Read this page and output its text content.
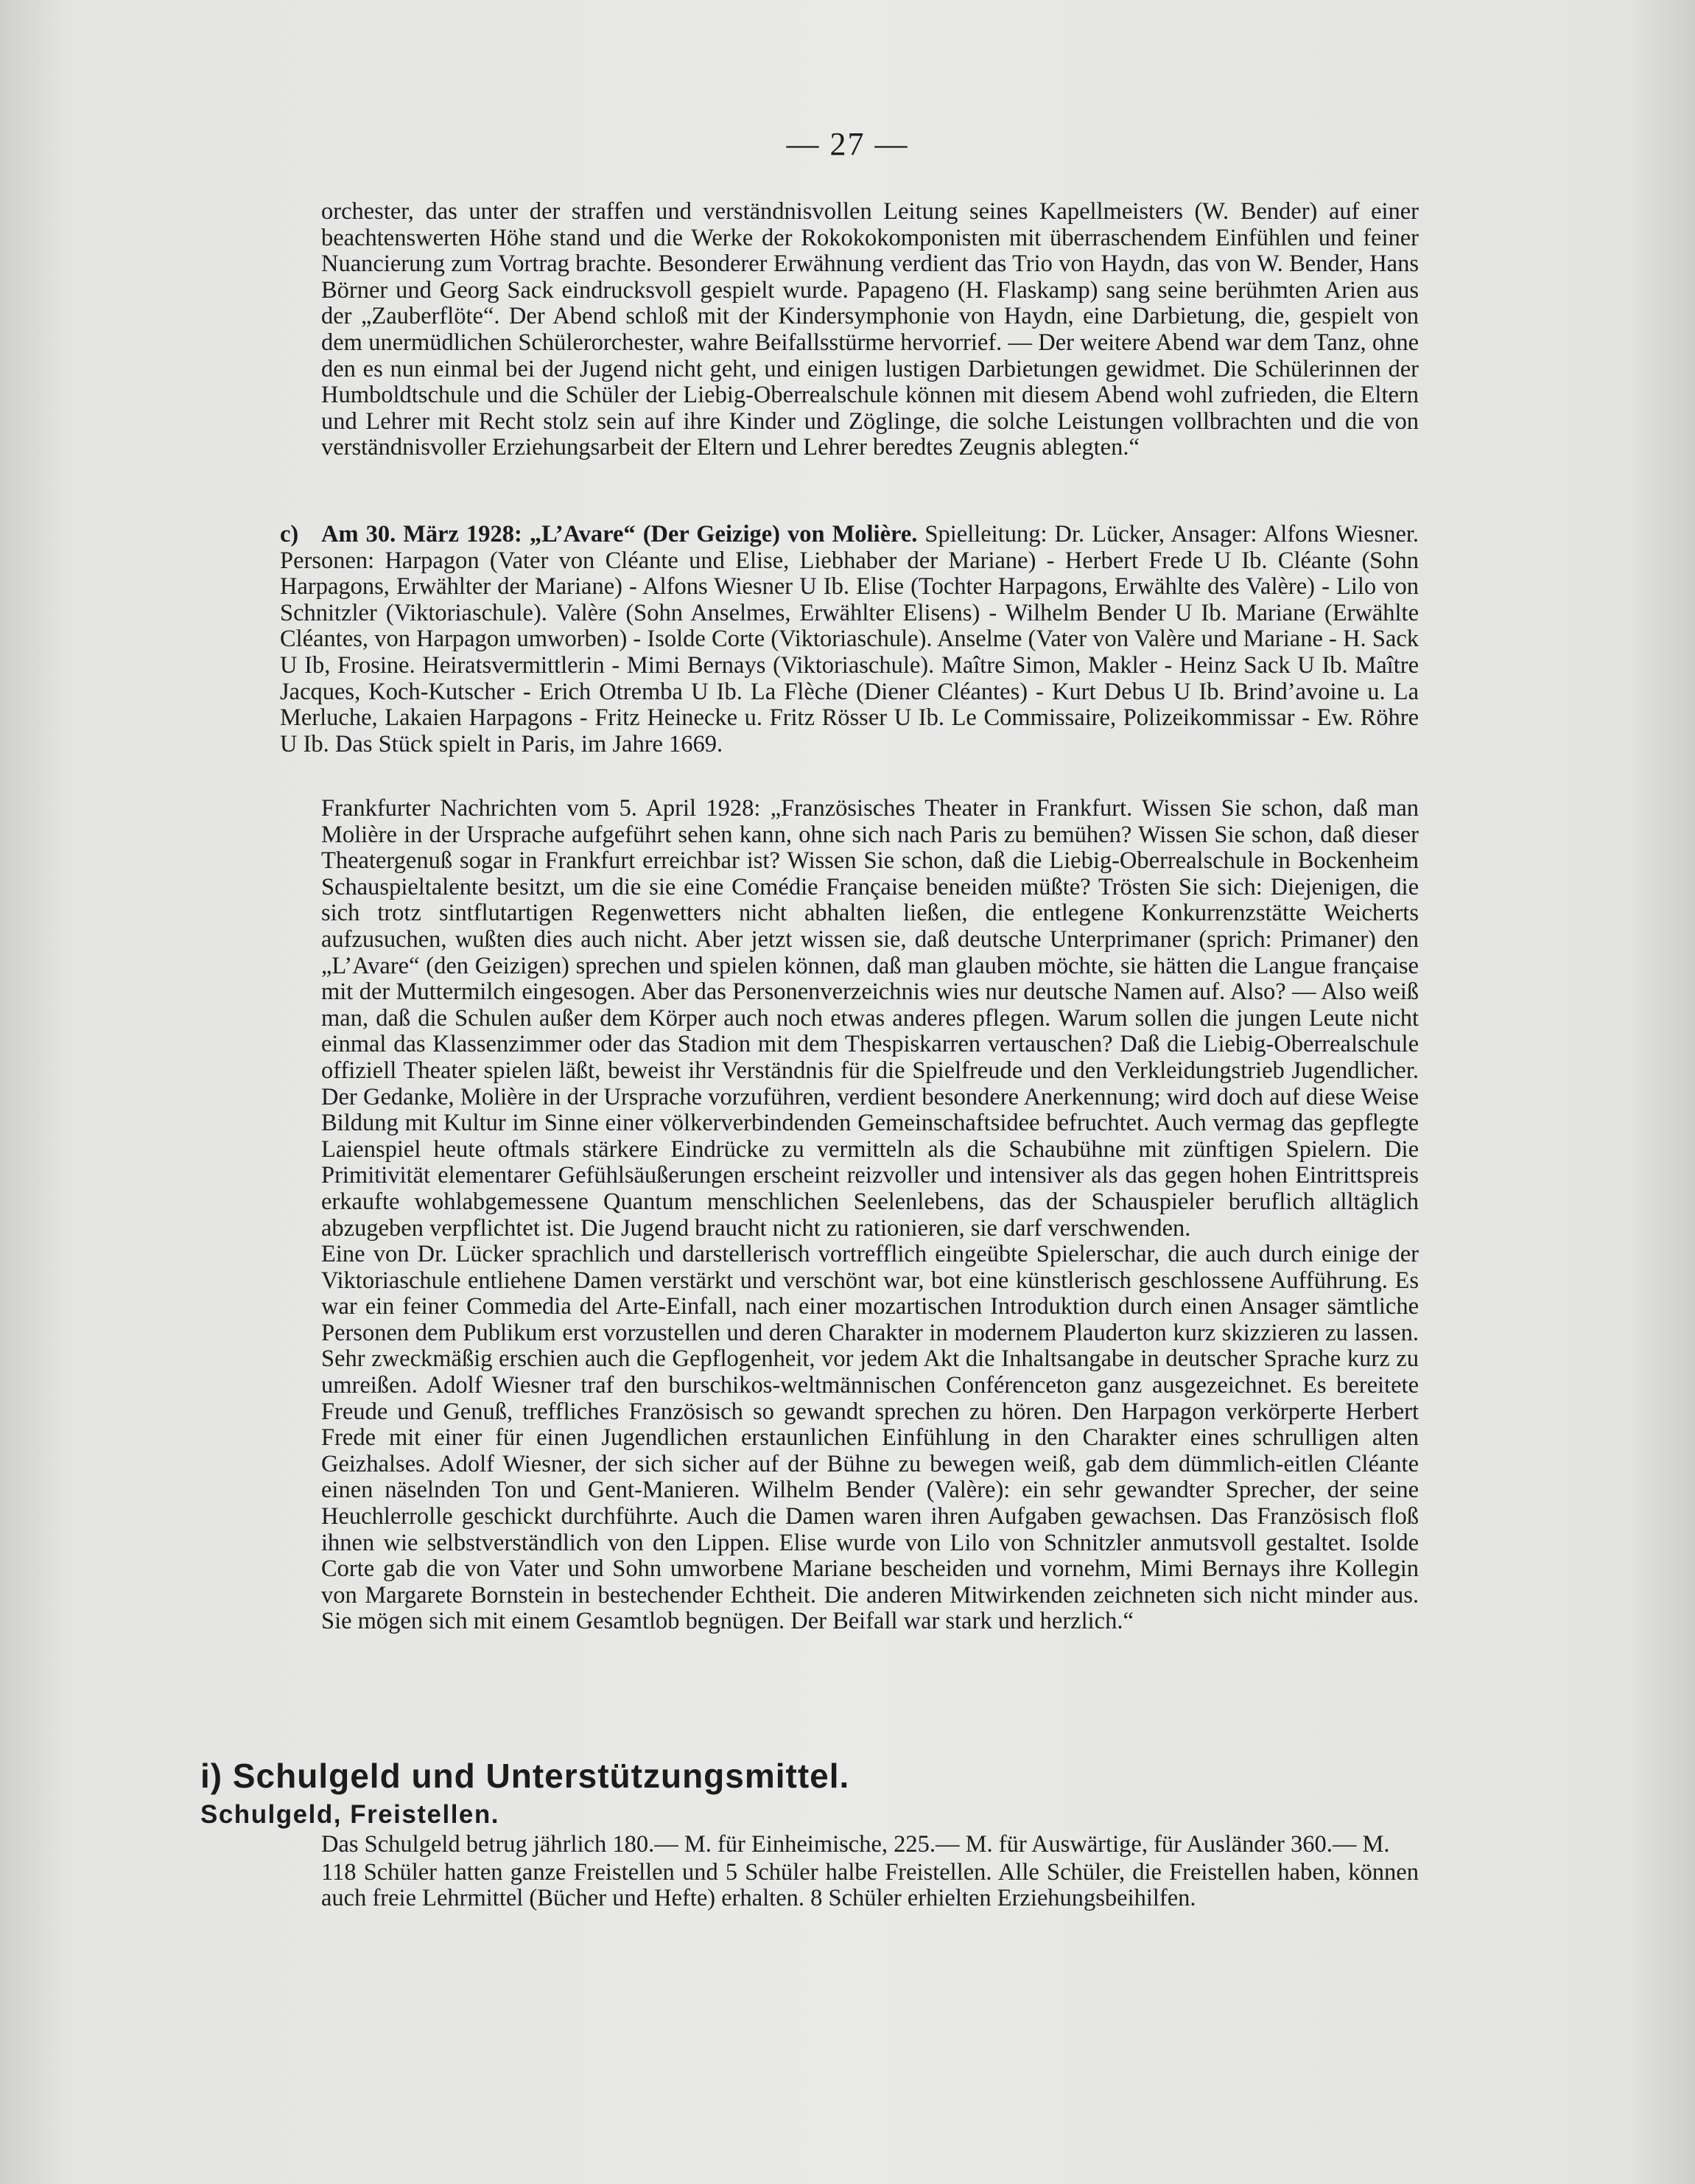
— 27 —

orchester, das unter der straffen und verständnisvollen Leitung seines Kapellmeisters (W. Bender) auf einer beachtenswerten Höhe stand und die Werke der Rokokokomponisten mit überraschendem Einfühlen und feiner Nuancierung zum Vortrag brachte. Besonderer Erwähnung verdient das Trio von Haydn, das von W. Bender, Hans Börner und Georg Sack eindrucksvoll gespielt wurde. Papageno (H. Flaskamp) sang seine berühmten Arien aus der „Zauberflöte“. Der Abend schloß mit der Kindersymphonie von Haydn, eine Darbietung, die, gespielt von dem unermüdlichen Schülerorchester, wahre Beifallsstürme hervorrief. — Der weitere Abend war dem Tanz, ohne den es nun einmal bei der Jugend nicht geht, und einigen lustigen Darbietungen gewidmet. Die Schülerinnen der Humboldtschule und die Schüler der Liebig-Oberrealschule können mit diesem Abend wohl zufrieden, die Eltern und Lehrer mit Recht stolz sein auf ihre Kinder und Zöglinge, die solche Leistungen vollbrachten und die von verständnisvoller Erziehungsarbeit der Eltern und Lehrer beredtes Zeugnis ablegten.“

c) Am 30. März 1928: „L’Avare“ (Der Geizige) von Molière. Spielleitung: Dr. Lücker, Ansager: Alfons Wiesner. Personen: Harpagon (Vater von Cléante und Elise, Liebhaber der Mariane) - Herbert Frede U Ib. Cléante (Sohn Harpagons, Erwählter der Mariane) - Alfons Wiesner U Ib. Elise (Tochter Harpagons, Erwählte des Valère) - Lilo von Schnitzler (Viktoriaschule). Valère (Sohn Anselmes, Erwählter Elisens) - Wilhelm Bender U Ib. Mariane (Erwählte Cléantes, von Harpagon umworben) - Isolde Corte (Viktoriaschule). Anselme (Vater von Valère und Mariane - H. Sack U Ib, Frosine. Heiratsvermittlerin - Mimi Bernays (Viktoriaschule). Maître Simon, Makler - Heinz Sack U Ib. Maître Jacques, Koch-Kutscher - Erich Otremba U Ib. La Flèche (Diener Cléantes) - Kurt Debus U Ib. Brind’avoine u. La Merluche, Lakaien Harpagons - Fritz Heinecke u. Fritz Rösser U Ib. Le Commissaire, Polizeikommissar - Ew. Röhre U Ib. Das Stück spielt in Paris, im Jahre 1669.

Frankfurter Nachrichten vom 5. April 1928: „Französisches Theater in Frankfurt. Wissen Sie schon, daß man Molière in der Ursprache aufgeführt sehen kann, ohne sich nach Paris zu bemühen? Wissen Sie schon, daß dieser Theatergenuß sogar in Frankfurt erreichbar ist? Wissen Sie schon, daß die Liebig-Oberrealschule in Bockenheim Schauspieltalente besitzt, um die sie eine Comédie Française beneiden müßte? Trösten Sie sich: Diejenigen, die sich trotz sintflutartigen Regenwetters nicht abhalten ließen, die entlegene Konkurrenzstätte Weicherts aufzusuchen, wußten dies auch nicht. Aber jetzt wissen sie, daß deutsche Unterprimaner (sprich: Primaner) den „L’Avare“ (den Geizigen) sprechen und spielen können, daß man glauben möchte, sie hätten die Langue française mit der Muttermilch eingesogen. Aber das Personenverzeichnis wies nur deutsche Namen auf. Also? — Also weiß man, daß die Schulen außer dem Körper auch noch etwas anderes pflegen. Warum sollen die jungen Leute nicht einmal das Klassenzimmer oder das Stadion mit dem Thespiskarren vertauschen? Daß die Liebig-Oberrealschule offiziell Theater spielen läßt, beweist ihr Verständnis für die Spielfreude und den Verkleidungstrieb Jugendlicher. Der Gedanke, Molière in der Ursprache vorzuführen, verdient besondere Anerkennung; wird doch auf diese Weise Bildung mit Kultur im Sinne einer völkerverbindenden Gemeinschaftsidee befruchtet. Auch vermag das gepflegte Laienspiel heute oftmals stärkere Eindrücke zu vermitteln als die Schaubühne mit zünftigen Spielern. Die Primitivität elementarer Gefühlsäußerungen erscheint reizvoller und intensiver als das gegen hohen Eintrittspreis erkaufte wohlabgemessene Quantum menschlichen Seelenlebens, das der Schauspieler beruflich alltäglich abzugeben verpflichtet ist. Die Jugend braucht nicht zu rationieren, sie darf verschwenden.

Eine von Dr. Lücker sprachlich und darstellerisch vortrefflich eingeübte Spielerschar, die auch durch einige der Viktoriaschule entliehene Damen verstärkt und verschönt war, bot eine künstlerisch geschlossene Aufführung. Es war ein feiner Commedia del Arte-Einfall, nach einer mozartischen Introduktion durch einen Ansager sämtliche Personen dem Publikum erst vorzustellen und deren Charakter in modernem Plauderton kurz skizzieren zu lassen. Sehr zweckmäßig erschien auch die Gepflogenheit, vor jedem Akt die Inhaltsangabe in deutscher Sprache kurz zu umreißen. Adolf Wiesner traf den burschikos-weltmännischen Conférenceton ganz ausgezeichnet. Es bereitete Freude und Genuß, treffliches Französisch so gewandt sprechen zu hören. Den Harpagon verkörperte Herbert Frede mit einer für einen Jugendlichen erstaunlichen Einfühlung in den Charakter eines schrulligen alten Geizhalses. Adolf Wiesner, der sich sicher auf der Bühne zu bewegen weiß, gab dem dümmlich-eitlen Cléante einen näselnden Ton und Gent-Manieren. Wilhelm Bender (Valère): ein sehr gewandter Sprecher, der seine Heuchlerrolle geschickt durchführte. Auch die Damen waren ihren Aufgaben gewachsen. Das Französisch floß ihnen wie selbstverständlich von den Lippen. Elise wurde von Lilo von Schnitzler anmutsvoll gestaltet. Isolde Corte gab die von Vater und Sohn umworbene Mariane bescheiden und vornehm, Mimi Bernays ihre Kollegin von Margarete Bornstein in bestechender Echtheit. Die anderen Mitwirkenden zeichneten sich nicht minder aus. Sie mögen sich mit einem Gesamtlob begnügen. Der Beifall war stark und herzlich.“

i) Schulgeld und Unterstützungsmittel.
Schulgeld, Freistellen.

Das Schulgeld betrug jährlich 180.— M. für Einheimische, 225.— M. für Auswärtige, für Ausländer 360.— M.

118 Schüler hatten ganze Freistellen und 5 Schüler halbe Freistellen. Alle Schüler, die Freistellen haben, können auch freie Lehrmittel (Bücher und Hefte) erhalten. 8 Schüler erhielten Erziehungsbeihilfen.
